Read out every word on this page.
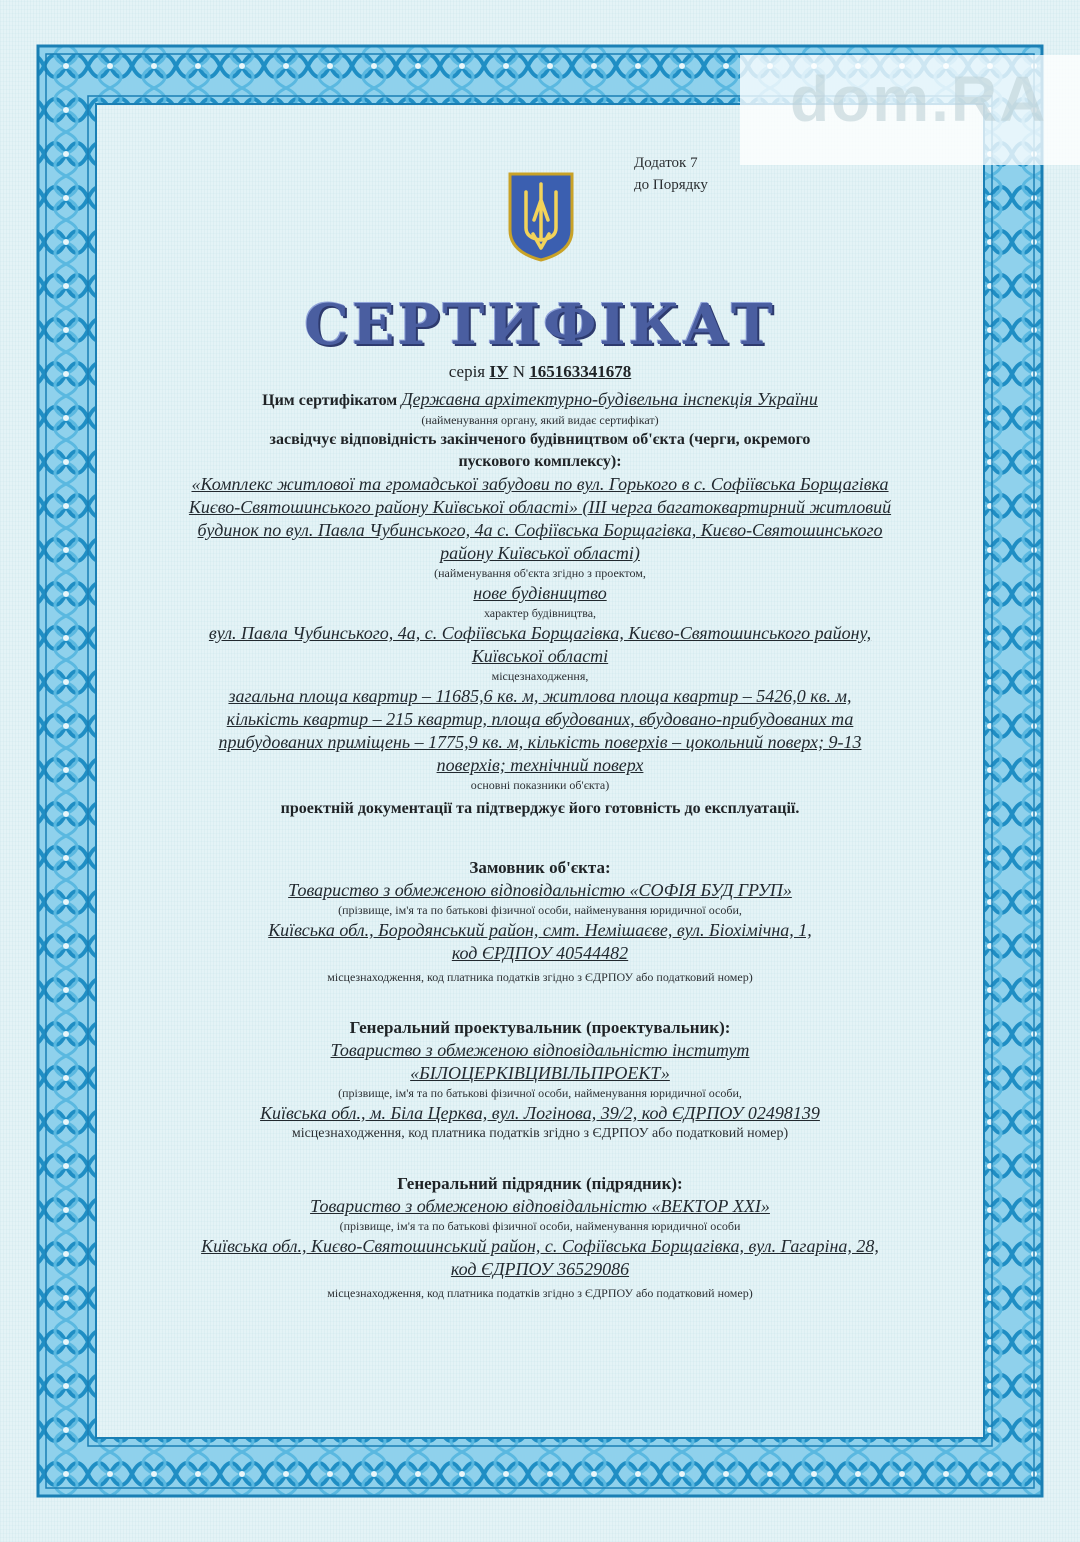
dom.RA
Додаток 7
до Порядку
СЕРТИФІКАТ

серія ІУ N 165163341678

Цим сертифікатом Державна архітектурно-будівельна інспекція України

(найменування органу, який видає сертифікат)

засвідчує відповідність закінченого будівництвом об'єкта (черги, окремого

пускового комплексу):

«Комплекс житлової та громадської забудови по вул. Горького в с. Софіївська Борщагівка

Києво-Святошинського району Київської області» (ІІІ черга багатоквартирний житловий

будинок по вул. Павла Чубинського, 4а с. Софіївська Борщагівка, Києво-Святошинського

району Київської області)

(найменування об'єкта згідно з проектом,

нове будівництво

характер будівництва,

вул. Павла Чубинського, 4а, с. Софіївська Борщагівка, Києво-Святошинського району,

Київської області

місцезнаходження,

загальна площа квартир – 11685,6 кв. м, житлова площа квартир – 5426,0 кв. м,

кількість квартир – 215 квартир, площа вбудованих, вбудовано-прибудованих та

прибудованих приміщень – 1775,9 кв. м, кількість поверхів – цокольний поверх; 9-13

поверхів; технічний поверх

основні показники об'єкта)

проектній документації та підтверджує його готовність до експлуатації.

Замовник об'єкта:

Товариство з обмеженою відповідальністю «СОФІЯ БУД ГРУП»

(прізвище, ім'я та по батькові фізичної особи, найменування юридичної особи,

Київська обл., Бородянський район, смт. Немішаєве, вул. Біохімічна, 1,

код ЄРДПОУ 40544482

місцезнаходження, код платника податків згідно з ЄДРПОУ або податковий номер)

Генеральний проектувальник (проектувальник):

Товариство з обмеженою відповідальністю інститут

«БІЛОЦЕРКІВЦИВІЛЬПРОЕКТ»

(прізвище, ім'я та по батькові фізичної особи, найменування юридичної особи,

Київська обл., м. Біла Церква, вул. Логінова, 39/2, код ЄДРПОУ 02498139

місцезнаходження, код платника податків згідно з ЄДРПОУ або податковий номер)

Генеральний підрядник (підрядник):

Товариство з обмеженою відповідальністю «ВЕКТОР XXI»

(прізвище, ім'я та по батькові фізичної особи, найменування юридичної особи

Київська обл., Києво-Святошинський район, с. Софіївська Борщагівка, вул. Гагаріна, 28,

код ЄДРПОУ 36529086

місцезнаходження, код платника податків згідно з ЄДРПОУ або податковий номер)
